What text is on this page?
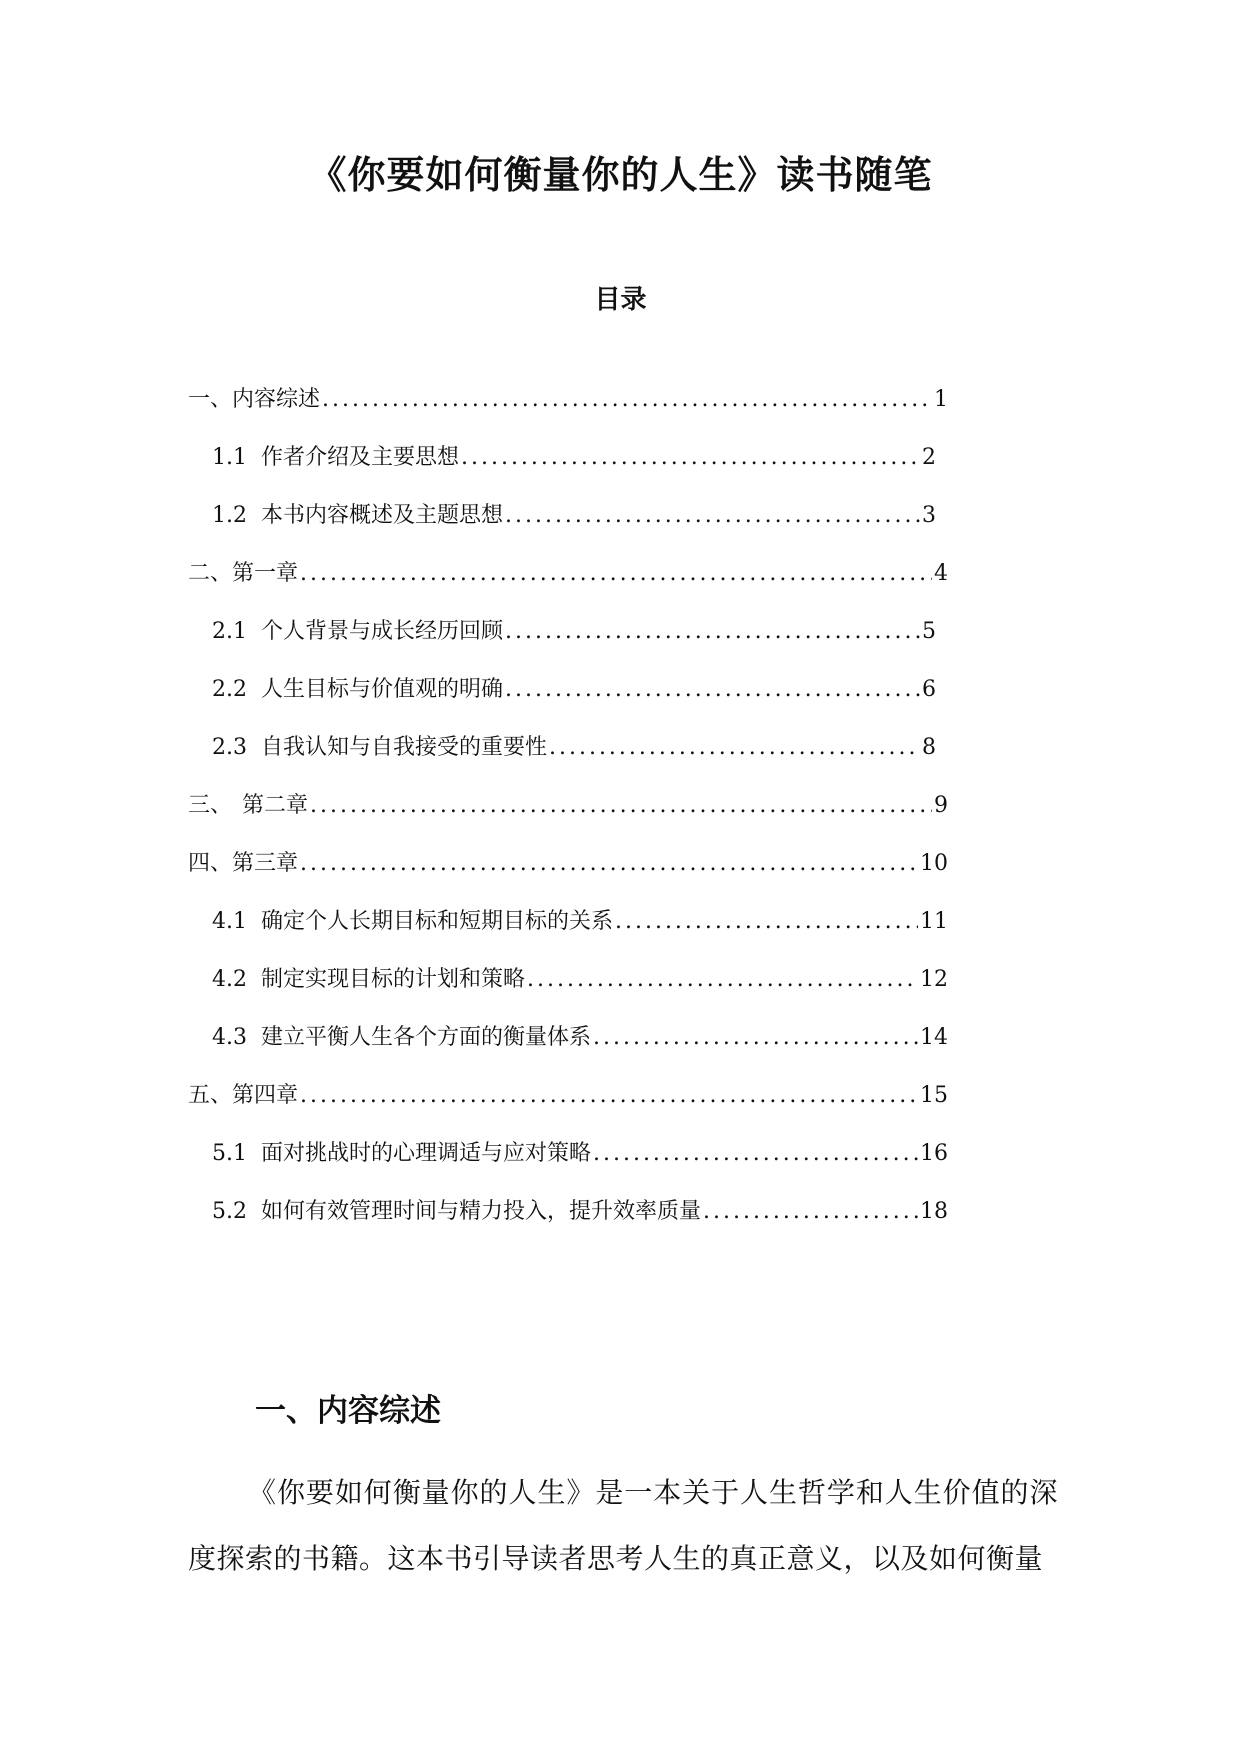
《你要如何衡量你的人生》读书随笔
目录
一、 内容综述 . . .	1
1.1 作者介绍及主要思想 . . .	2
1.2 本书内容概述及主题思想 . . .	3
二、 第一章 . . .	4
2.1 个人背景与成长经历回顾 . . .	5
2.2 人生目标与价值观的明确 . . .	6
2.3 自我认知与自我接受的重要性 . . .	8
三、 第二章 . . .	9
四、 第三章 . . .	10
4.1 确定个人长期目标和短期目标的关系 . . .	11
4.2 制定实现目标的计划和策略 . . .	12
4.3 建立平衡人生各个方面的衡量体系 . . .	14
五、 第四章 . . .	15
5.1 面对挑战时的心理调适与应对策略 . . .	16
5.2 如何有效管理时间与精力投入，提升效率质量 . . .	18
一、内容综述
《你要如何衡量你的人生》是一本关于人生哲学和人生价值的深度探索的书籍。这本书引导读者思考人生的真正意义，以及如何衡量
